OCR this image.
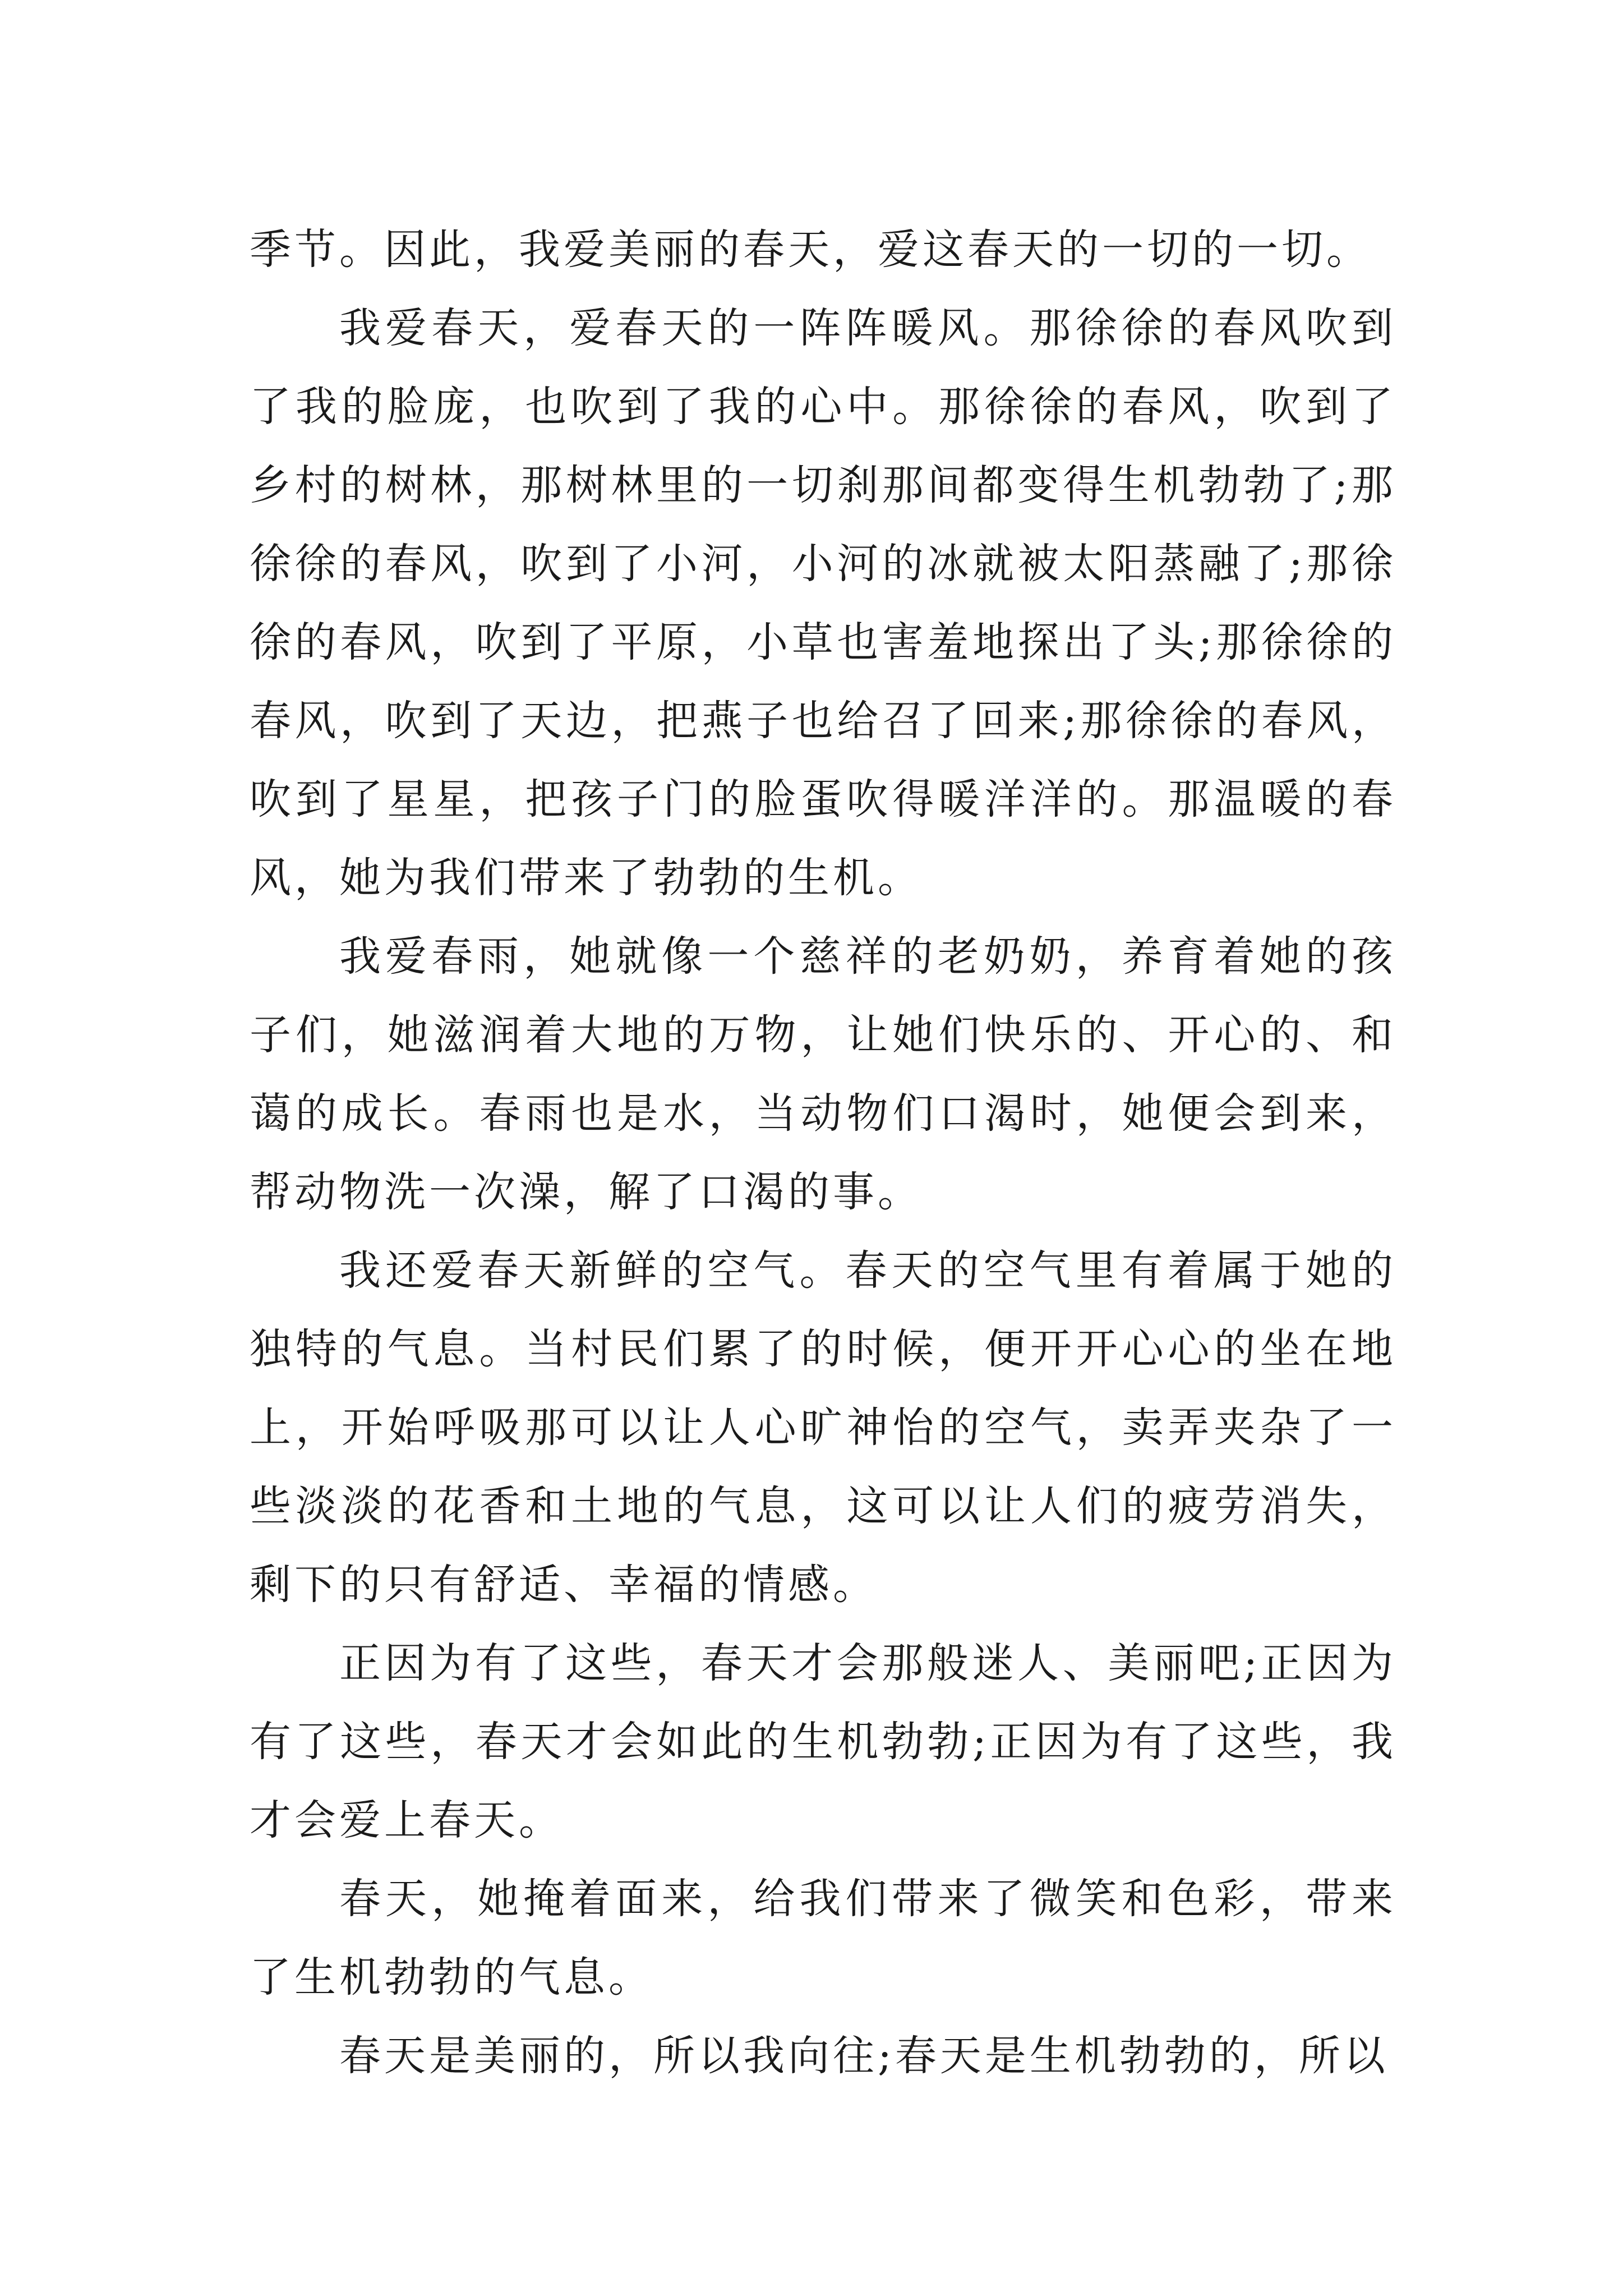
季节。因此，我爱美丽的春天，爱这春天的一切的一切。

我爱春天，爱春天的一阵阵暖风。那徐徐的春风吹到了我的脸庞，也吹到了我的心中。那徐徐的春风，吹到了乡村的树林，那树林里的一切刹那间都变得生机勃勃了;那徐徐的春风，吹到了小河，小河的冰就被太阳蒸融了;那徐徐的春风，吹到了平原，小草也害羞地探出了头;那徐徐的春风，吹到了天边，把燕子也给召了回来;那徐徐的春风，吹到了星星，把孩子门的脸蛋吹得暖洋洋的。那温暖的春风，她为我们带来了勃勃的生机。

我爱春雨，她就像一个慈祥的老奶奶，养育着她的孩子们，她滋润着大地的万物，让她们快乐的、开心的、和蔼的成长。春雨也是水，当动物们口渴时，她便会到来，帮动物洗一次澡，解了口渴的事。

我还爱春天新鲜的空气。春天的空气里有着属于她的独特的气息。当村民们累了的时候，便开开心心的坐在地上，开始呼吸那可以让人心旷神怡的空气，卖弄夹杂了一些淡淡的花香和土地的气息，这可以让人们的疲劳消失，剩下的只有舒适、幸福的情感。

正因为有了这些，春天才会那般迷人、美丽吧;正因为有了这些，春天才会如此的生机勃勃;正因为有了这些，我才会爱上春天。

春天，她掩着面来，给我们带来了微笑和色彩，带来了生机勃勃的气息。

春天是美丽的，所以我向往;春天是生机勃勃的，所以
